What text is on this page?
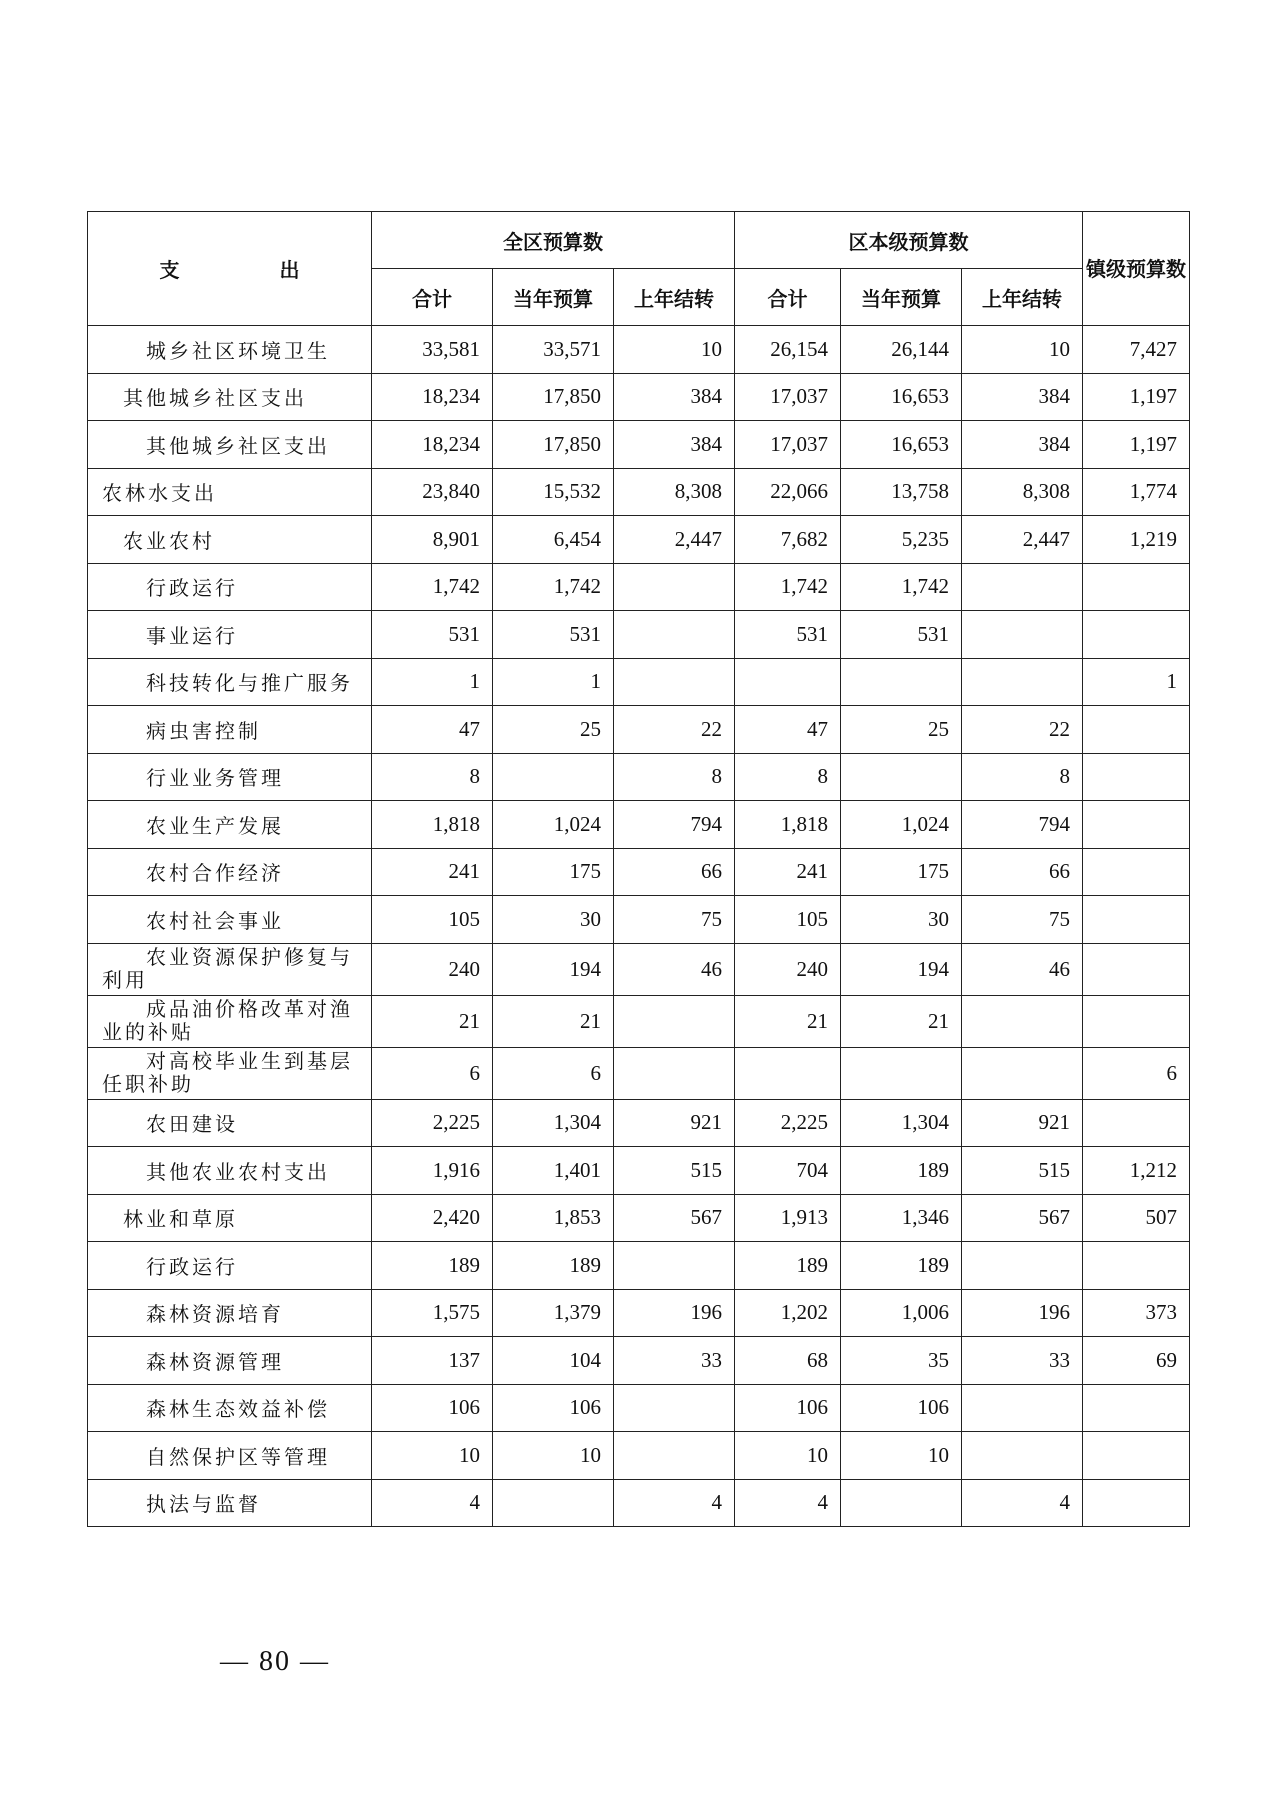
支　出	全区预算数			区本级预算数			镇级预算数
	合计	当年预算	上年结转	合计	当年预算	上年结转	
城乡社区环境卫生	33,581	33,571	10	26,154	26,144	10	7,427
其他城乡社区支出	18,234	17,850	384	17,037	16,653	384	1,197
其他城乡社区支出	18,234	17,850	384	17,037	16,653	384	1,197
农林水支出	23,840	15,532	8,308	22,066	13,758	8,308	1,774
农业农村	8,901	6,454	2,447	7,682	5,235	2,447	1,219
行政运行	1,742	1,742		1,742	1,742		
事业运行	531	531		531	531		
科技转化与推广服务	1	1					1
病虫害控制	47	25	22	47	25	22	
行业业务管理	8		8	8		8	
农业生产发展	1,818	1,024	794	1,818	1,024	794	
农村合作经济	241	175	66	241	175	66	
农村社会事业	105	30	75	105	30	75	
农业资源保护修复与利用	240	194	46	240	194	46	
成品油价格改革对渔业的补贴	21	21		21	21		
对高校毕业生到基层任职补助	6	6					6
农田建设	2,225	1,304	921	2,225	1,304	921	
其他农业农村支出	1,916	1,401	515	704	189	515	1,212
林业和草原	2,420	1,853	567	1,913	1,346	567	507
行政运行	189	189		189	189		
森林资源培育	1,575	1,379	196	1,202	1,006	196	373
森林资源管理	137	104	33	68	35	33	69
森林生态效益补偿	106	106		106	106		
自然保护区等管理	10	10		10	10		
执法与监督	4		4	4		4	
— 80 —
